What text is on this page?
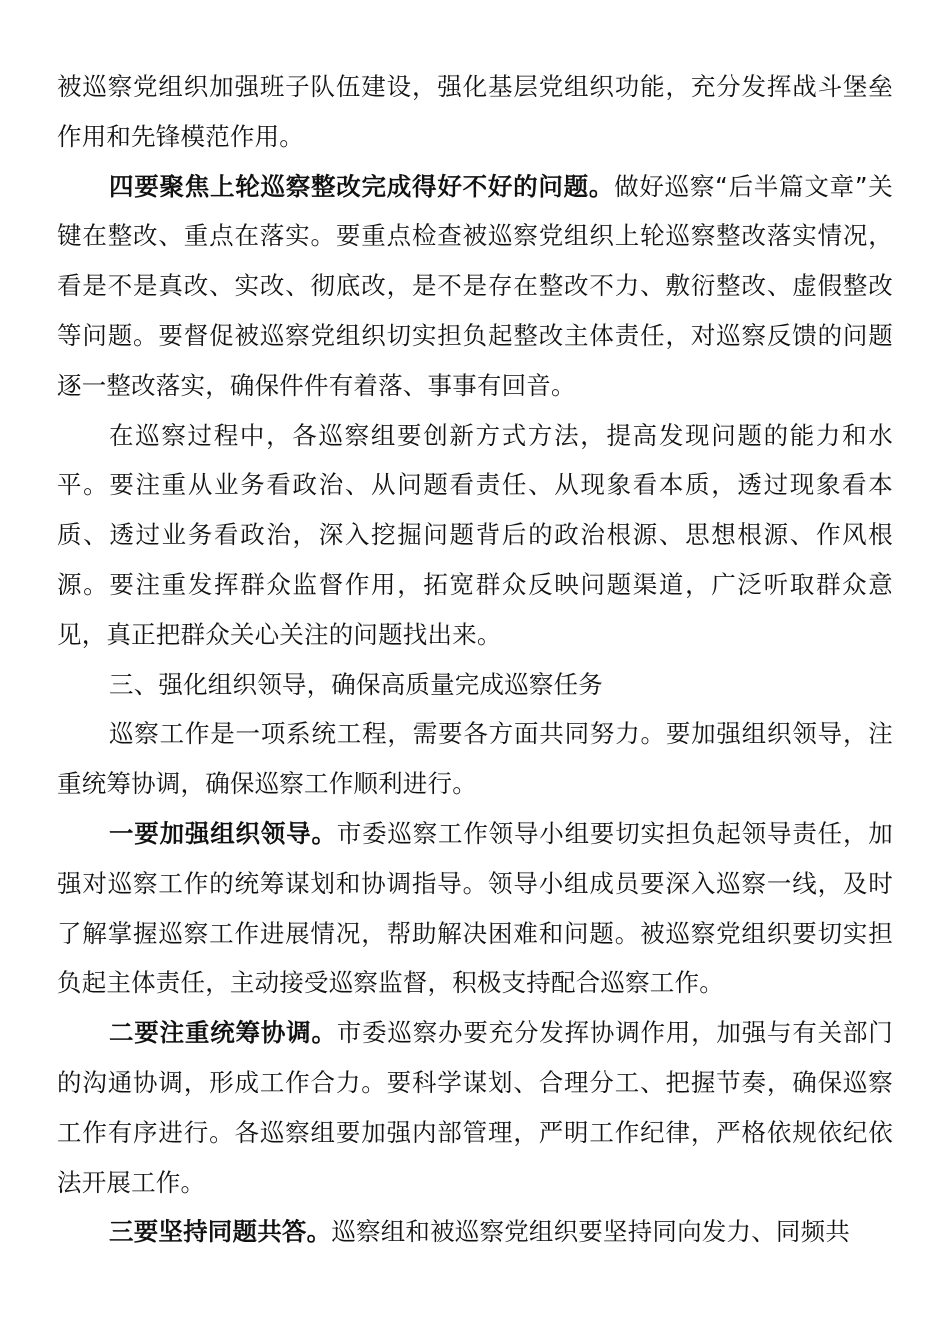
被巡察党组织加强班子队伍建设，强化基层党组织功能，充分发挥战斗堡垒作用和先锋模范作用。

四要聚焦上轮巡察整改完成得好不好的问题。做好巡察“后半篇文章”关键在整改、重点在落实。要重点检查被巡察党组织上轮巡察整改落实情况，看是不是真改、实改、彻底改，是不是存在整改不力、敷衍整改、虚假整改等问题。要督促被巡察党组织切实担负起整改主体责任，对巡察反馈的问题逐一整改落实，确保件件有着落、事事有回音。

在巡察过程中，各巡察组要创新方式方法，提高发现问题的能力和水平。要注重从业务看政治、从问题看责任、从现象看本质，透过现象看本质、透过业务看政治，深入挖掘问题背后的政治根源、思想根源、作风根源。要注重发挥群众监督作用，拓宽群众反映问题渠道，广泛听取群众意见，真正把群众关心关注的问题找出来。

三、强化组织领导，确保高质量完成巡察任务

巡察工作是一项系统工程，需要各方面共同努力。要加强组织领导，注重统筹协调，确保巡察工作顺利进行。

一要加强组织领导。市委巡察工作领导小组要切实担负起领导责任，加强对巡察工作的统筹谋划和协调指导。领导小组成员要深入巡察一线，及时了解掌握巡察工作进展情况，帮助解决困难和问题。被巡察党组织要切实担负起主体责任，主动接受巡察监督，积极支持配合巡察工作。

二要注重统筹协调。市委巡察办要充分发挥协调作用，加强与有关部门的沟通协调，形成工作合力。要科学谋划、合理分工、把握节奏，确保巡察工作有序进行。各巡察组要加强内部管理，严明工作纪律，严格依规依纪依法开展工作。

三要坚持同题共答。巡察组和被巡察党组织要坚持同向发力、同频共
